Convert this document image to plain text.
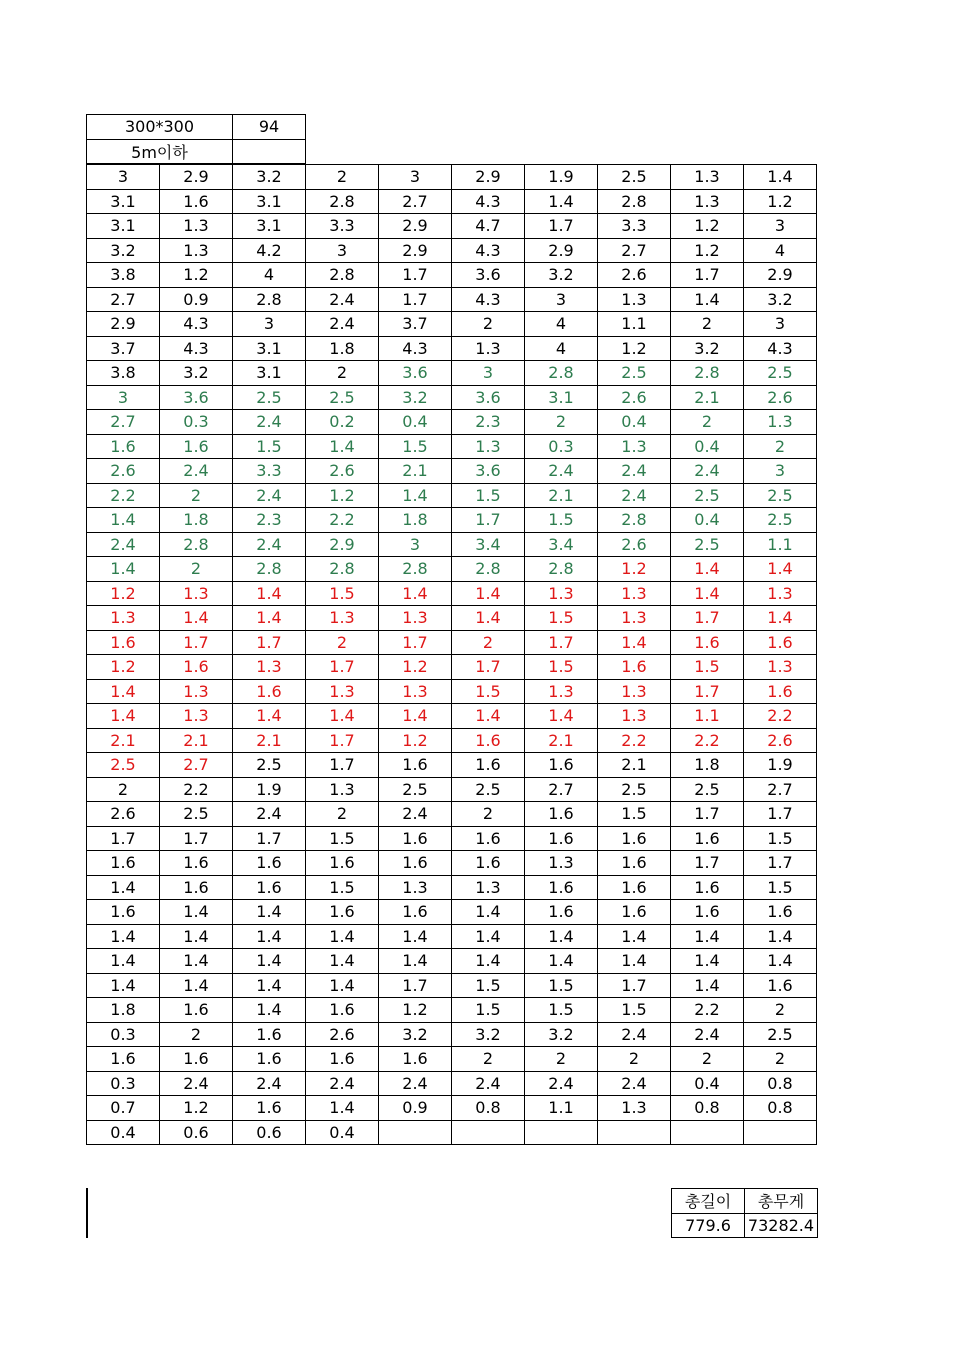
300*300	94							
5m이하								
3	2.9	3.2	2	3	2.9	1.9	2.5	1.3	1.4
3.1	1.6	3.1	2.8	2.7	4.3	1.4	2.8	1.3	1.2
3.1	1.3	3.1	3.3	2.9	4.7	1.7	3.3	1.2	3
3.2	1.3	4.2	3	2.9	4.3	2.9	2.7	1.2	4
3.8	1.2	4	2.8	1.7	3.6	3.2	2.6	1.7	2.9
2.7	0.9	2.8	2.4	1.7	4.3	3	1.3	1.4	3.2
2.9	4.3	3	2.4	3.7	2	4	1.1	2	3
3.7	4.3	3.1	1.8	4.3	1.3	4	1.2	3.2	4.3
3.8	3.2	3.1	2	3.6	3	2.8	2.5	2.8	2.5
3	3.6	2.5	2.5	3.2	3.6	3.1	2.6	2.1	2.6
2.7	0.3	2.4	0.2	0.4	2.3	2	0.4	2	1.3
1.6	1.6	1.5	1.4	1.5	1.3	0.3	1.3	0.4	2
2.6	2.4	3.3	2.6	2.1	3.6	2.4	2.4	2.4	3
2.2	2	2.4	1.2	1.4	1.5	2.1	2.4	2.5	2.5
1.4	1.8	2.3	2.2	1.8	1.7	1.5	2.8	0.4	2.5
2.4	2.8	2.4	2.9	3	3.4	3.4	2.6	2.5	1.1
1.4	2	2.8	2.8	2.8	2.8	2.8	1.2	1.4	1.4
1.2	1.3	1.4	1.5	1.4	1.4	1.3	1.3	1.4	1.3
1.3	1.4	1.4	1.3	1.3	1.4	1.5	1.3	1.7	1.4
1.6	1.7	1.7	2	1.7	2	1.7	1.4	1.6	1.6
1.2	1.6	1.3	1.7	1.2	1.7	1.5	1.6	1.5	1.3
1.4	1.3	1.6	1.3	1.3	1.5	1.3	1.3	1.7	1.6
1.4	1.3	1.4	1.4	1.4	1.4	1.4	1.3	1.1	2.2
2.1	2.1	2.1	1.7	1.2	1.6	2.1	2.2	2.2	2.6
2.5	2.7	2.5	1.7	1.6	1.6	1.6	2.1	1.8	1.9
2	2.2	1.9	1.3	2.5	2.5	2.7	2.5	2.5	2.7
2.6	2.5	2.4	2	2.4	2	1.6	1.5	1.7	1.7
1.7	1.7	1.7	1.5	1.6	1.6	1.6	1.6	1.6	1.5
1.6	1.6	1.6	1.6	1.6	1.6	1.3	1.6	1.7	1.7
1.4	1.6	1.6	1.5	1.3	1.3	1.6	1.6	1.6	1.5
1.6	1.4	1.4	1.6	1.6	1.4	1.6	1.6	1.6	1.6
1.4	1.4	1.4	1.4	1.4	1.4	1.4	1.4	1.4	1.4
1.4	1.4	1.4	1.4	1.4	1.4	1.4	1.4	1.4	1.4
1.4	1.4	1.4	1.4	1.7	1.5	1.5	1.7	1.4	1.6
1.8	1.6	1.4	1.6	1.2	1.5	1.5	1.5	2.2	2
0.3	2	1.6	2.6	3.2	3.2	3.2	2.4	2.4	2.5
1.6	1.6	1.6	1.6	1.6	2	2	2	2	2
0.3	2.4	2.4	2.4	2.4	2.4	2.4	2.4	0.4	0.8
0.7	1.2	1.6	1.4	0.9	0.8	1.1	1.3	0.8	0.8
0.4	0.6	0.6	0.4						
총길이	총무게
779.6	73282.4
